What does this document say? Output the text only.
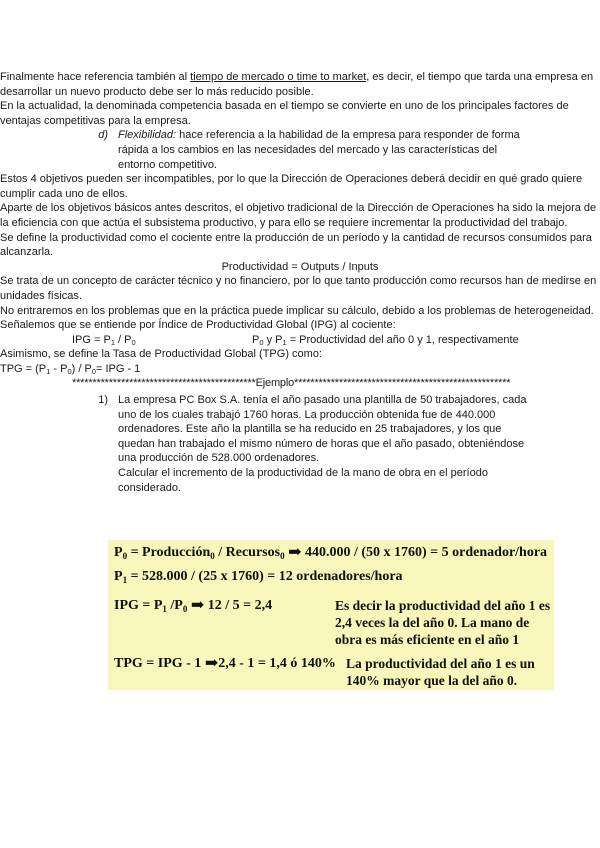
Finalmente hace referencia también al tiempo de mercado o time to market, es decir, el tiempo que tarda una empresa en desarrollar un nuevo producto debe ser lo más reducido posible.

En la actualidad, la denominada competencia basada en el tiempo se convierte en uno de los principales factores de ventajas competitivas para la empresa.

d) Flexibilidad: hace referencia a la habilidad de la empresa para responder de forma rápida a los cambios en las necesidades del mercado y las características del entorno competitivo.

Estos 4 objetivos pueden ser incompatibles, por lo que la Dirección de Operaciones deberá decidir en qué grado quiere cumplir cada uno de ellos.

Aparte de los objetivos básicos antes descritos, el objetivo tradicional de la Dirección de Operaciones ha sido la mejora de la eficiencia con que actúa el subsistema productivo, y para ello se requiere incrementar la productividad del trabajo.

Se define la productividad como el cociente entre la producción de un período y la cantidad de recursos consumidos para alcanzarla.

Productividad = Outputs / Inputs

Se trata de un concepto de carácter técnico y no financiero, por lo que tanto producción como recursos han de medirse en unidades físicas.

No entraremos en los problemas que en la práctica puede implicar su cálculo, debido a los problemas de heterogeneidad.

Señalemos que se entiende por Índice de Productividad Global (IPG) al cociente:

IPG = $P_1 / P_0$	$P_0$ y $P_1$ = Productividad del año 0 y 1, respectivamente

Asimismo, se define la Tasa de Productividad Global (TPG) como:

TPG = $(P_1 - P_0) / P_0=$ IPG - 1

*********************************************Ejemplo*****************************************************
1) La empresa PC Box S.A. tenía el año pasado una plantilla de 50 trabajadores, cada uno de los cuales trabajó 1760 horas. La producción obtenida fue de 440.000 ordenadores. Este año la plantilla se ha reducido en 25 trabajadores, y los que quedan han trabajado el mismo número de horas que el año pasado, obteniéndose una producción de 528.000 ordenadores.

Calcular el incremento de la productividad de la mano de obra en el período considerado.

$P_0$ = Producción$_0$ / Recursos$_0$ ➡ 440.000 / (50 x 1760) = 5 ordenador/hora
$P_1 = 528.000 / (25$ x 1760) = 12 ordenadores/hora
IPG = $P_1$ $/P_0$ ➡ 12 / 5 = 2,4	Es decir la productividad del año 1 es 2,4 veces la del año 0. La mano de obra es más eficiente en el año 1
TPG = IPG - 1 ➡2,4 - 1 = 1,4 ó 140% La productividad del año 1 es un 140% mayor que la del año 0.
